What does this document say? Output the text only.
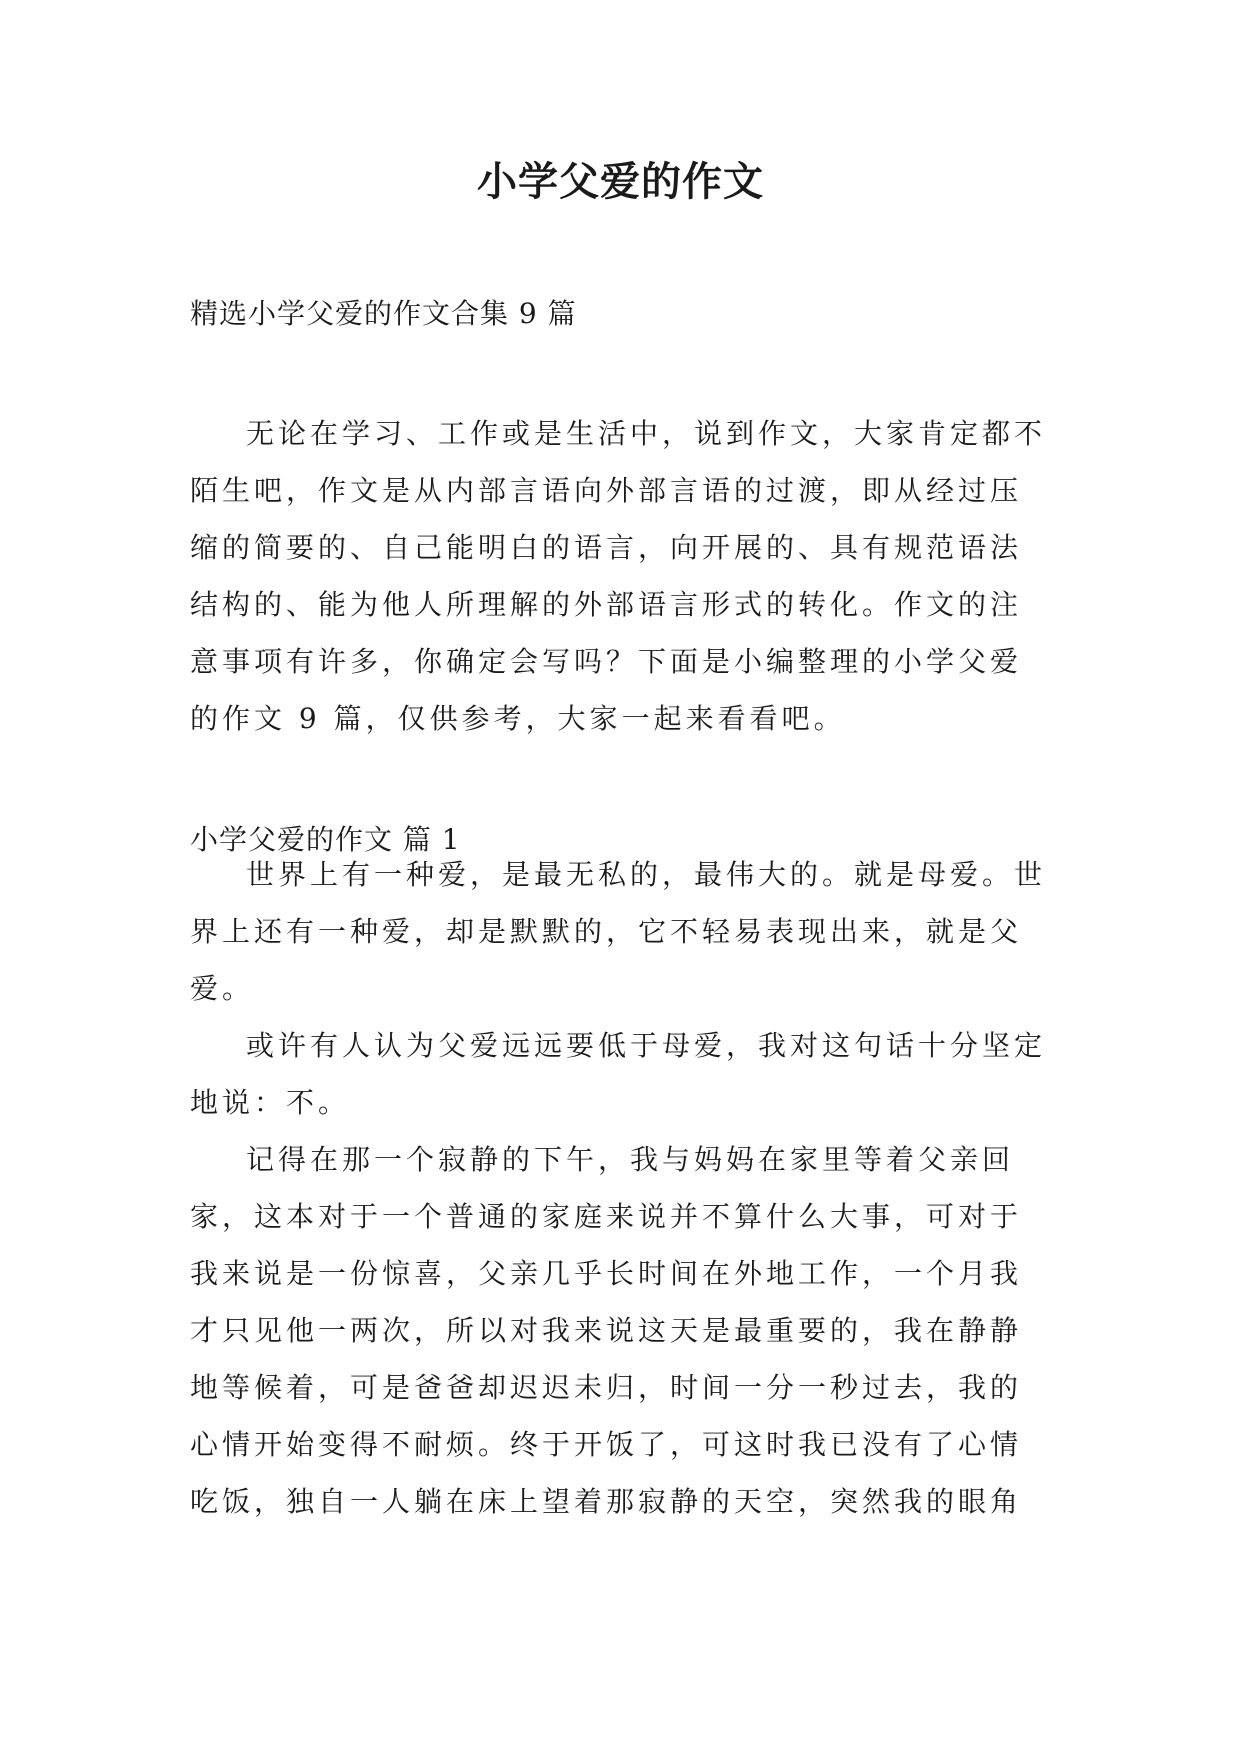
小学父爱的作文
精选小学父爱的作文合集 9 篇

无论在学习、工作或是生活中，说到作文，大家肯定都不陌生吧，作文是从内部言语向外部言语的过渡，即从经过压缩的简要的、自己能明白的语言，向开展的、具有规范语法结构的、能为他人所理解的外部语言形式的转化。作文的注意事项有许多，你确定会写吗？下面是小编整理的小学父爱的作文 9 篇，仅供参考，大家一起来看看吧。

小学父爱的作文 篇 1

世界上有一种爱，是最无私的，最伟大的。就是母爱。世界上还有一种爱，却是默默的，它不轻易表现出来，就是父爱。

或许有人认为父爱远远要低于母爱，我对这句话十分坚定地说：不。

记得在那一个寂静的下午，我与妈妈在家里等着父亲回家，这本对于一个普通的家庭来说并不算什么大事，可对于我来说是一份惊喜，父亲几乎长时间在外地工作，一个月我才只见他一两次，所以对我来说这天是最重要的，我在静静地等候着，可是爸爸却迟迟未归，时间一分一秒过去，我的心情开始变得不耐烦。终于开饭了，可这时我已没有了心情吃饭，独自一人躺在床上望着那寂静的天空，突然我的眼角
